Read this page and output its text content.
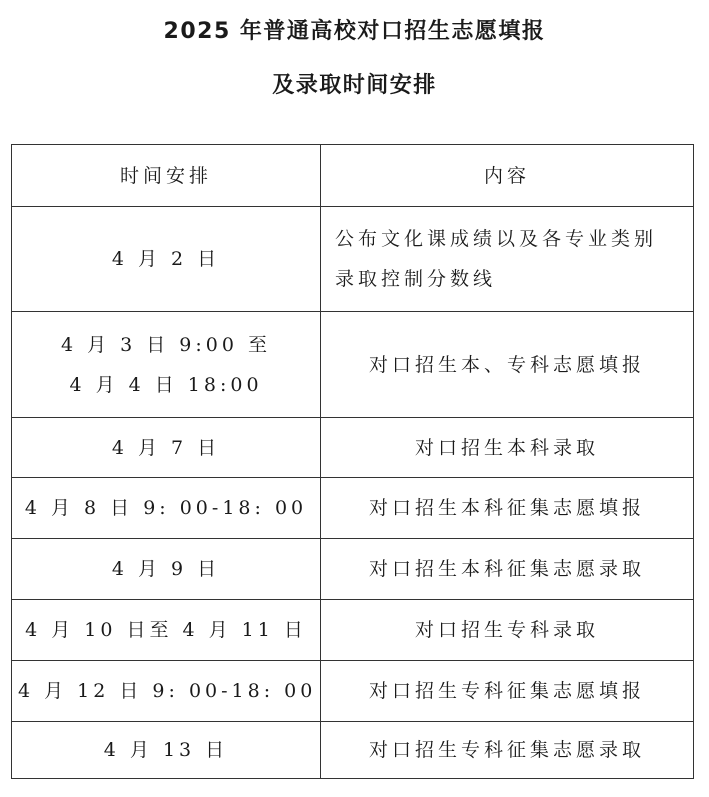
2025 年普通高校对口招生志愿填报
及录取时间安排
时间安排	内容

4 月 2 日	公布文化课成绩以及各专业类别
录取控制分数线

4 月 3 日 9:00 至
4 月 4 日 18:00	对口招生本、专科志愿填报

4 月 7 日	对口招生本科录取

4 月 8 日 9: 00-18: 00	对口招生本科征集志愿填报

4 月 9 日	对口招生本科征集志愿录取

4 月 10 日至 4 月 11 日	对口招生专科录取

4 月 12 日 9: 00-18: 00	对口招生专科征集志愿填报

4 月 13 日	对口招生专科征集志愿录取
